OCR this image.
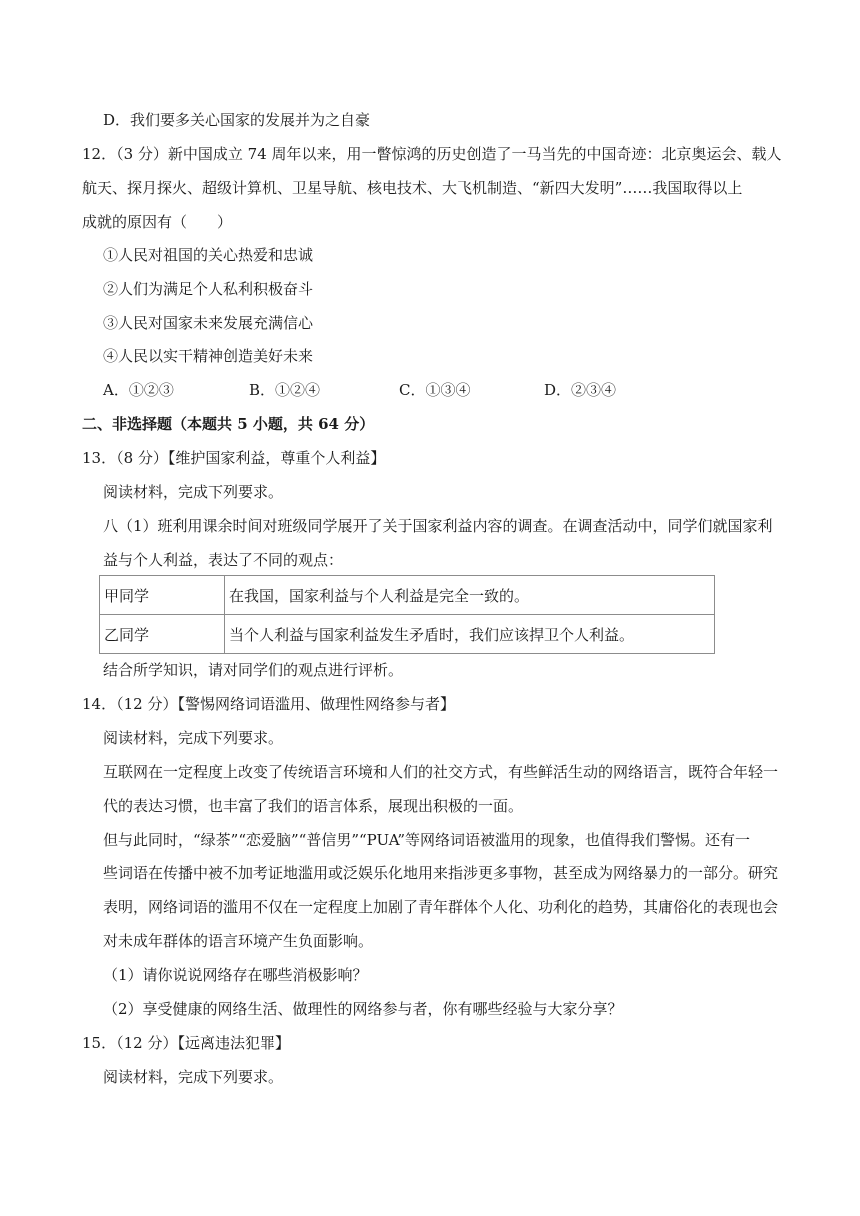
D．我们要多关心国家的发展并为之自豪
12．（3 分）新中国成立 74 周年以来，用一瞥惊鸿的历史创造了一马当先的中国奇迹：北京奥运会、载人
航天、探月探火、超级计算机、卫星导航、核电技术、大飞机制造、“新四大发明”……我国取得以上
成就的原因有（　　）
①人民对祖国的关心热爱和忠诚
②人们为满足个人私利积极奋斗
③人民对国家未来发展充满信心
④人民以实干精神创造美好未来
A．①②③	B．①②④	C．①③④	D．②③④
二、非选择题（本题共 5 小题，共 64 分）
13．（8 分）【维护国家利益，尊重个人利益】
阅读材料，完成下列要求。
八（1）班利用课余时间对班级同学展开了关于国家利益内容的调查。在调查活动中，同学们就国家利
益与个人利益，表达了不同的观点：
甲同学	在我国，国家利益与个人利益是完全一致的。
乙同学	当个人利益与国家利益发生矛盾时，我们应该捍卫个人利益。
结合所学知识，请对同学们的观点进行评析。
14．（12 分）【警惕网络词语滥用、做理性网络参与者】
阅读材料，完成下列要求。
互联网在一定程度上改变了传统语言环境和人们的社交方式，有些鲜活生动的网络语言，既符合年轻一
代的表达习惯，也丰富了我们的语言体系，展现出积极的一面。
但与此同时，“绿茶”“恋爱脑”“普信男”“PUA”等网络词语被滥用的现象，也值得我们警惕。还有一
些词语在传播中被不加考证地滥用或泛娱乐化地用来指涉更多事物，甚至成为网络暴力的一部分。研究
表明，网络词语的滥用不仅在一定程度上加剧了青年群体个人化、功利化的趋势，其庸俗化的表现也会
对未成年群体的语言环境产生负面影响。
（1）请你说说网络存在哪些消极影响？
（2）享受健康的网络生活、做理性的网络参与者，你有哪些经验与大家分享？
15．（12 分）【远离违法犯罪】
阅读材料，完成下列要求。
